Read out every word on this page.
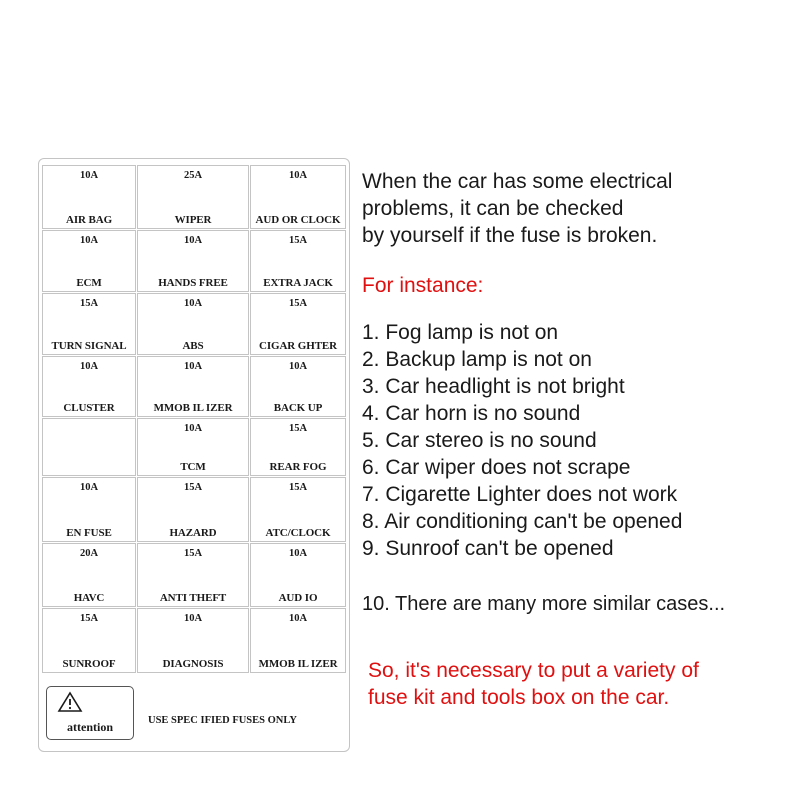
10A
AIR BAG
25A
WIPER
10A
AUD OR CLOCK
10A
ECM
10A
HANDS FREE
15A
EXTRA JACK
15A
TURN SIGNAL
10A
ABS
15A
CIGAR GHTER
10A
CLUSTER
10A
MMOB IL IZER
10A
BACK UP
10A
TCM
15A
REAR FOG
10A
EN FUSE
15A
HAZARD
15A
ATC/CLOCK
20A
HAVC
15A
ANTI THEFT
10A
AUD IO
15A
SUNROOF
10A
DIAGNOSIS
10A
MMOB IL IZER
attention	USE SPEC IFIED FUSES ONLY
When the car has some electrical
problems, it can be checked
by yourself if the fuse is broken.
For instance:
1. Fog lamp is not on
2. Backup lamp is not on
3. Car headlight is not bright
4. Car horn is no sound
5. Car stereo is no sound
6. Car wiper does not scrape
7. Cigarette Lighter does not work
8. Air conditioning can't be opened
9. Sunroof can't be opened
10. There are many more similar cases...
So, it's necessary to put a variety of
fuse kit and tools box on the car.
